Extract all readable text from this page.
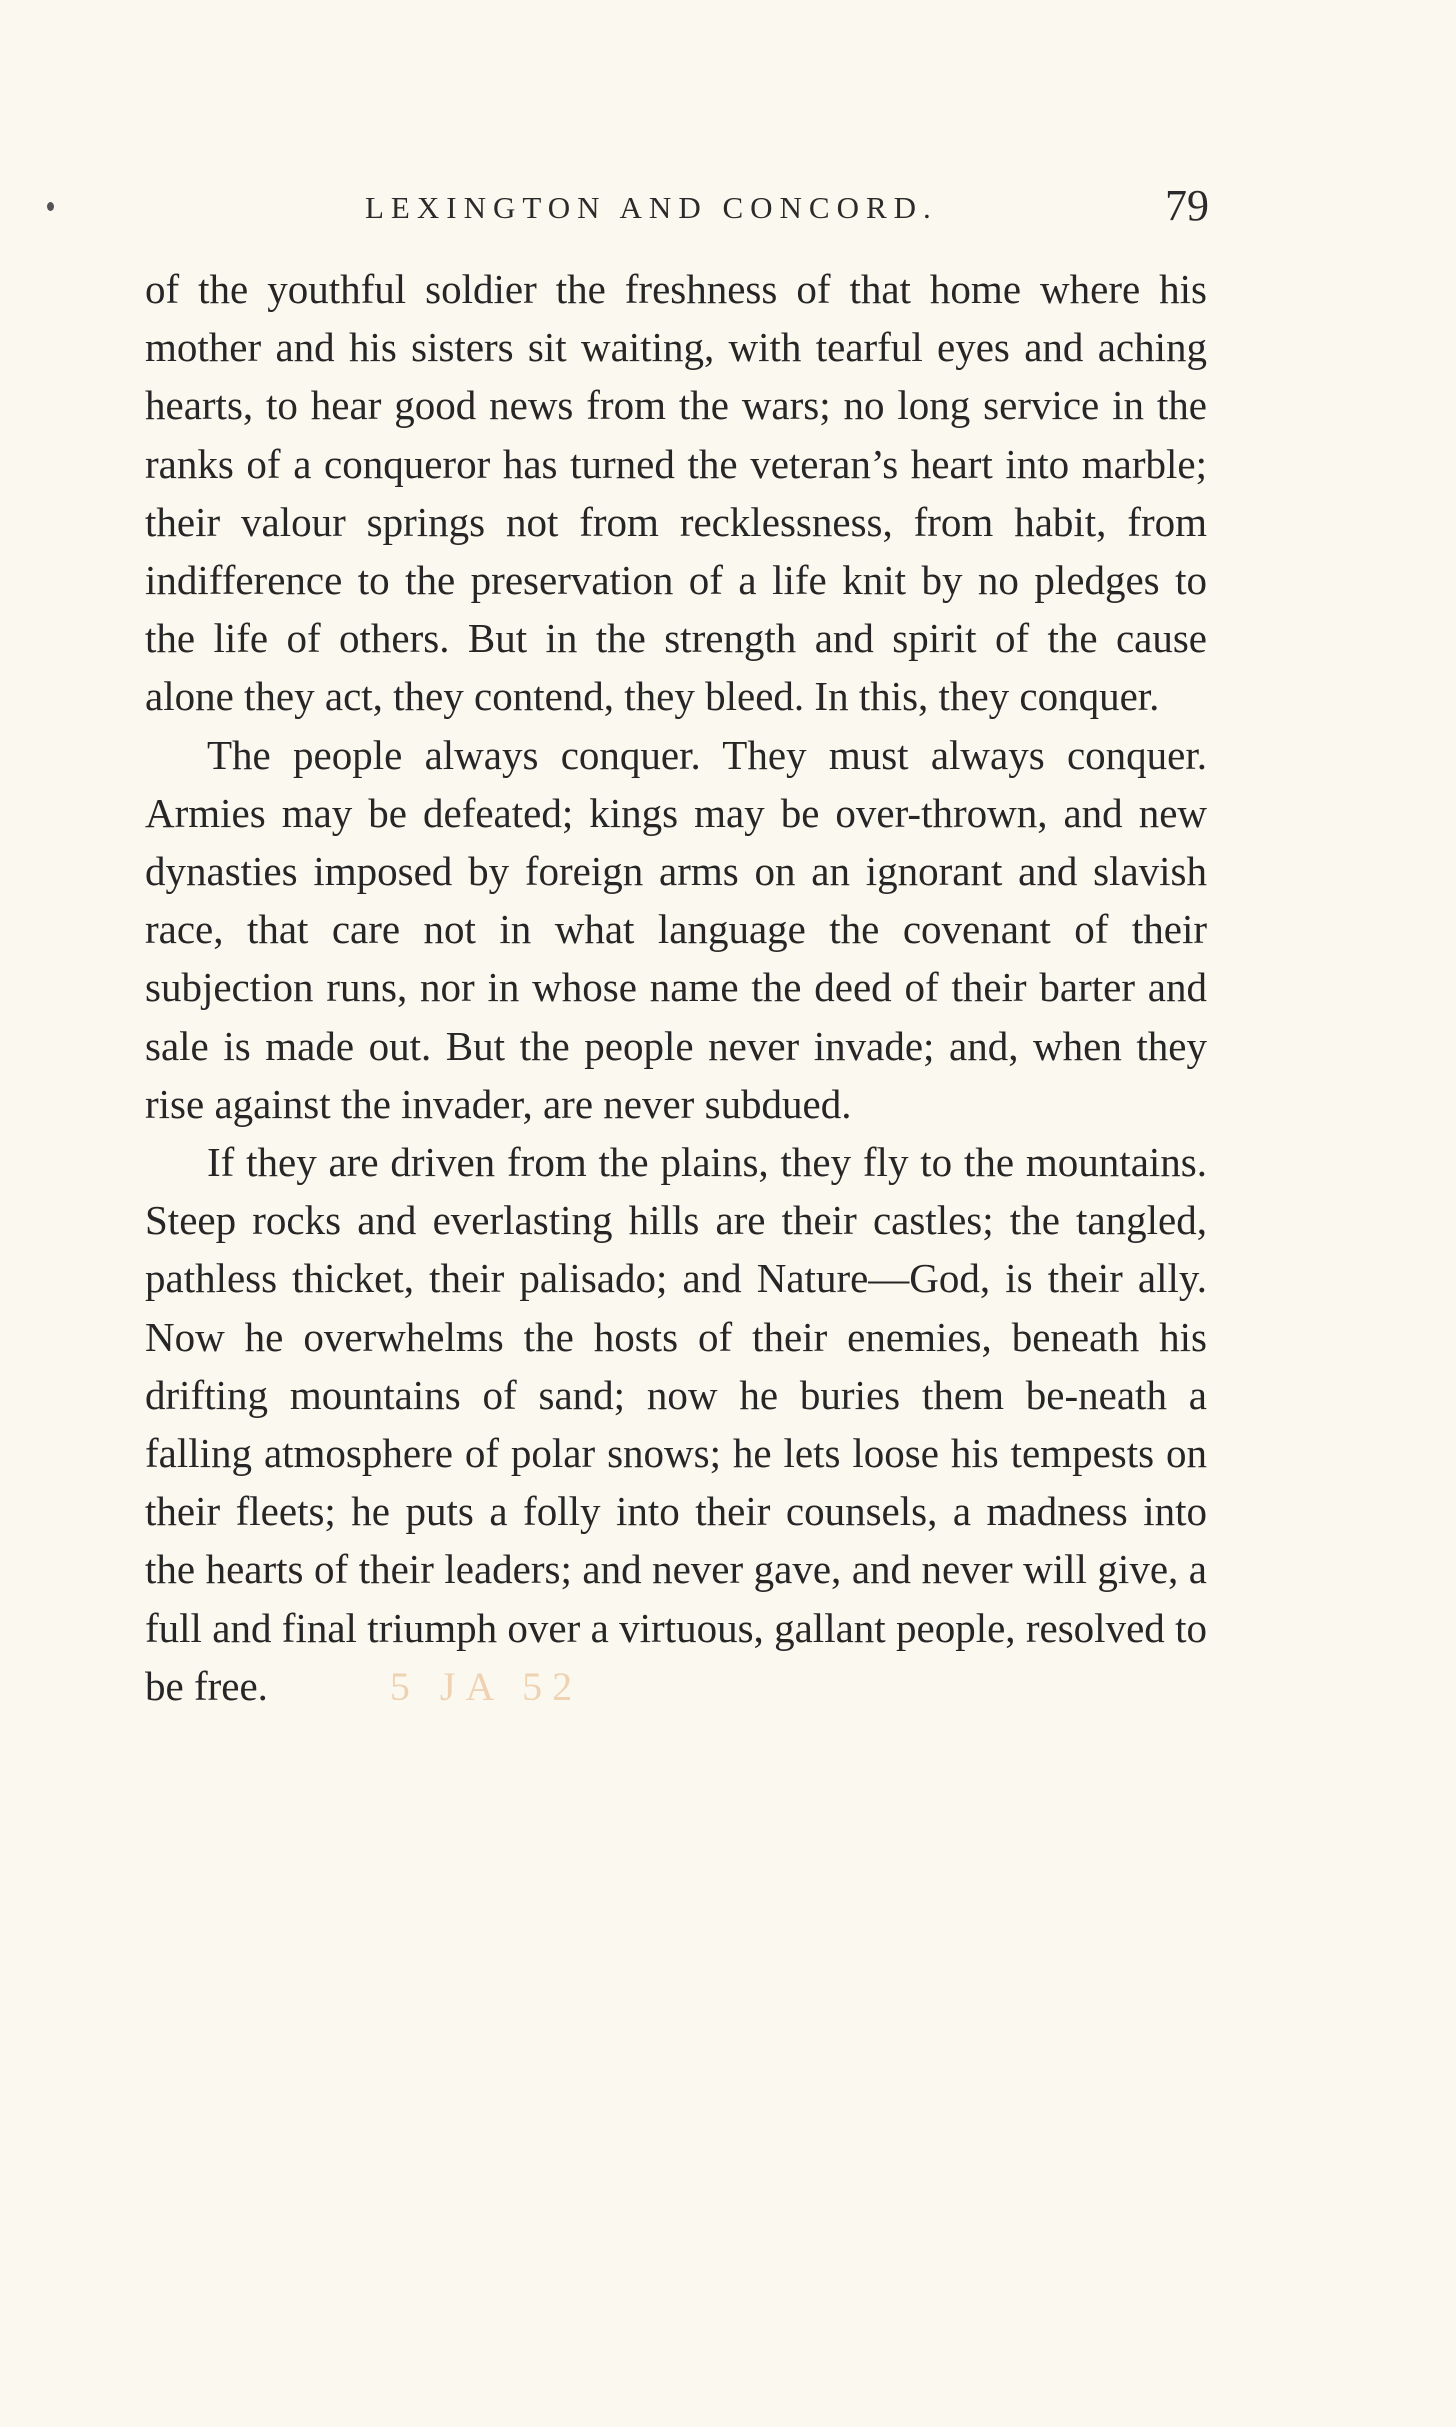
LEXINGTON AND CONCORD.	79

of the youthful soldier the freshness of that home where his mother and his sisters sit waiting, with tearful eyes and aching hearts, to hear good news from the wars; no long service in the ranks of a conqueror has turned the veteran’s heart into marble; their valour springs not from recklessness, from habit, from indifference to the preservation of a life knit by no pledges to the life of others. But in the strength and spirit of the cause alone they act, they contend, they bleed. In this, they conquer.

The people always conquer. They must always conquer. Armies may be defeated; kings may be over-thrown, and new dynasties imposed by foreign arms on an ignorant and slavish race, that care not in what language the covenant of their subjection runs, nor in whose name the deed of their barter and sale is made out. But the people never invade; and, when they rise against the invader, are never subdued.

If they are driven from the plains, they fly to the mountains. Steep rocks and everlasting hills are their castles; the tangled, pathless thicket, their palisado; and Nature—God, is their ally. Now he overwhelms the hosts of their enemies, beneath his drifting mountains of sand; now he buries them be-neath a falling atmosphere of polar snows; he lets loose his tempests on their fleets; he puts a folly into their counsels, a madness into the hearts of their leaders; and never gave, and never will give, a full and final triumph over a virtuous, gallant people, resolved to be free.	5 JA 52
